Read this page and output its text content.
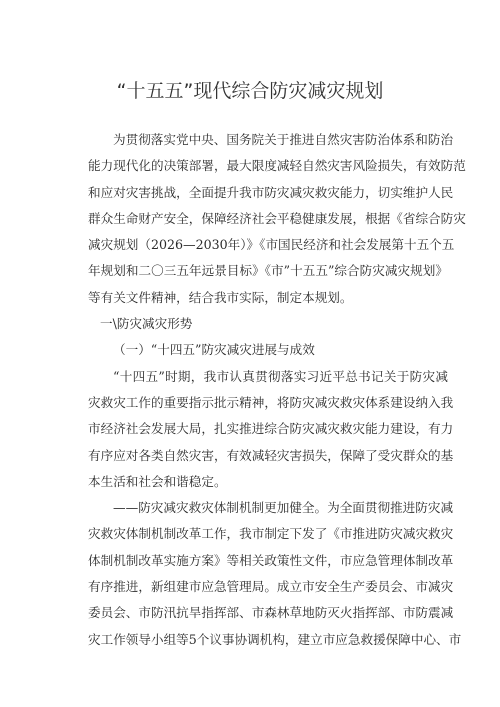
“十五五”现代综合防灾减灾规划
为贯彻落实党中央、国务院关于推进自然灾害防治体系和防治
能力现代化的决策部署，最大限度减轻自然灾害风险损失，有效防范
和应对灾害挑战，全面提升我市防灾减灾救灾能力，切实维护人民
群众生命财产安全，保障经济社会平稳健康发展，根据《省综合防灾
减灾规划（2026—2030年）》《市国民经济和社会发展第十五个五
年规划和二〇三五年远景目标》《市”十五五”综合防灾减灾规划》
等有关文件精神，结合我市实际，制定本规划。
一\防灾减灾形势
（一）“十四五”防灾减灾进展与成效
“十四五”时期，我市认真贯彻落实习近平总书记关于防灾减
灾救灾工作的重要指示批示精神，将防灾减灾救灾体系建设纳入我
市经济社会发展大局，扎实推进综合防灾减灾救灾能力建设，有力
有序应对各类自然灾害，有效减轻灾害损失，保障了受灾群众的基
本生活和社会和谐稳定。
——防灾减灾救灾体制机制更加健全。为全面贯彻推进防灾减
灾救灾体制机制改革工作，我市制定下发了《市推进防灾减灾救灾
体制机制改革实施方案》等相关政策性文件，市应急管理体制改革
有序推进，新组建市应急管理局。成立市安全生产委员会、市减灾
委员会、市防汛抗旱指挥部、市森林草地防灭火指挥部、市防震减
灾工作领导小组等5个议事协调机构，建立市应急救援保障中心、市
